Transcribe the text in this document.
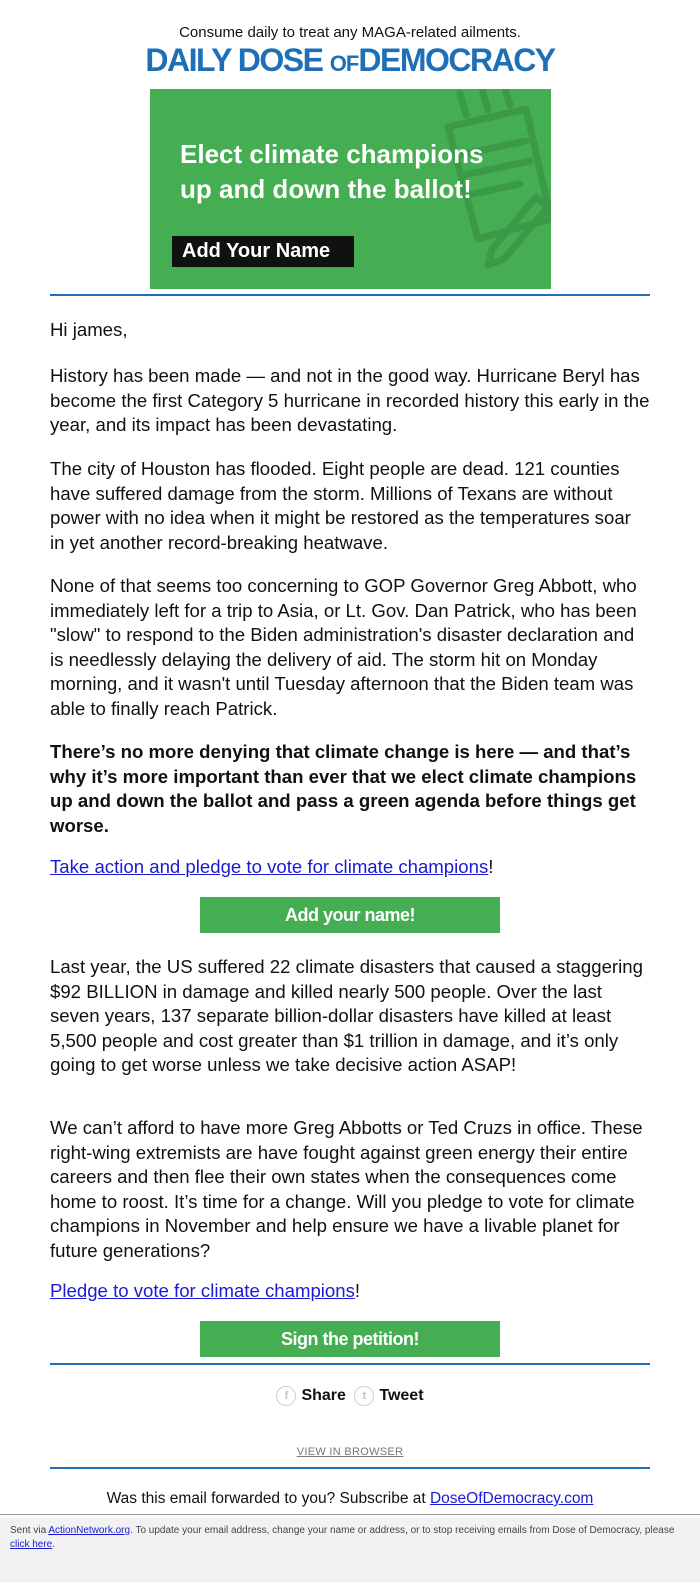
Consume daily to treat any MAGA-related ailments.
DAILY DOSE OFDEMOCRACY
Elect climate champions
up and down the ballot!
Add Your Name
Hi james,
History has been made — and not in the good way. Hurricane Beryl has become the first Category 5 hurricane in recorded history this early in the year, and its impact has been devastating.
The city of Houston has flooded. Eight people are dead. 121 counties have suffered damage from the storm. Millions of Texans are without power with no idea when it might be restored as the temperatures soar in yet another record-breaking heatwave.
None of that seems too concerning to GOP Governor Greg Abbott, who immediately left for a trip to Asia, or Lt. Gov. Dan Patrick, who has been "slow" to respond to the Biden administration's disaster declaration and is needlessly delaying the delivery of aid. The storm hit on Monday morning, and it wasn't until Tuesday afternoon that the Biden team was able to finally reach Patrick.
There’s no more denying that climate change is here — and that’s why it’s more important than ever that we elect climate champions up and down the ballot and pass a green agenda before things get worse.
Take action and pledge to vote for climate champions!
Add your name!
Last year, the US suffered 22 climate disasters that caused a staggering $92 BILLION in damage and killed nearly 500 people. Over the last seven years, 137 separate billion-dollar disasters have killed at least 5,500 people and cost greater than $1 trillion in damage, and it’s only going to get worse unless we take decisive action ASAP!
We can’t afford to have more Greg Abbotts or Ted Cruzs in office. These right-wing extremists are have fought against green energy their entire careers and then flee their own states when the consequences come home to roost. It’s time for a change. Will you pledge to vote for climate champions in November and help ensure we have a livable planet for future generations?
Pledge to vote for climate champions!
Sign the petition!
f Share
	t Tweet
VIEW IN BROWSER
Was this email forwarded to you? Subscribe at DoseOfDemocracy.com
Sent via ActionNetwork.org. To update your email address, change your name or address, or to stop receiving emails from Dose of Democracy, please click here.
